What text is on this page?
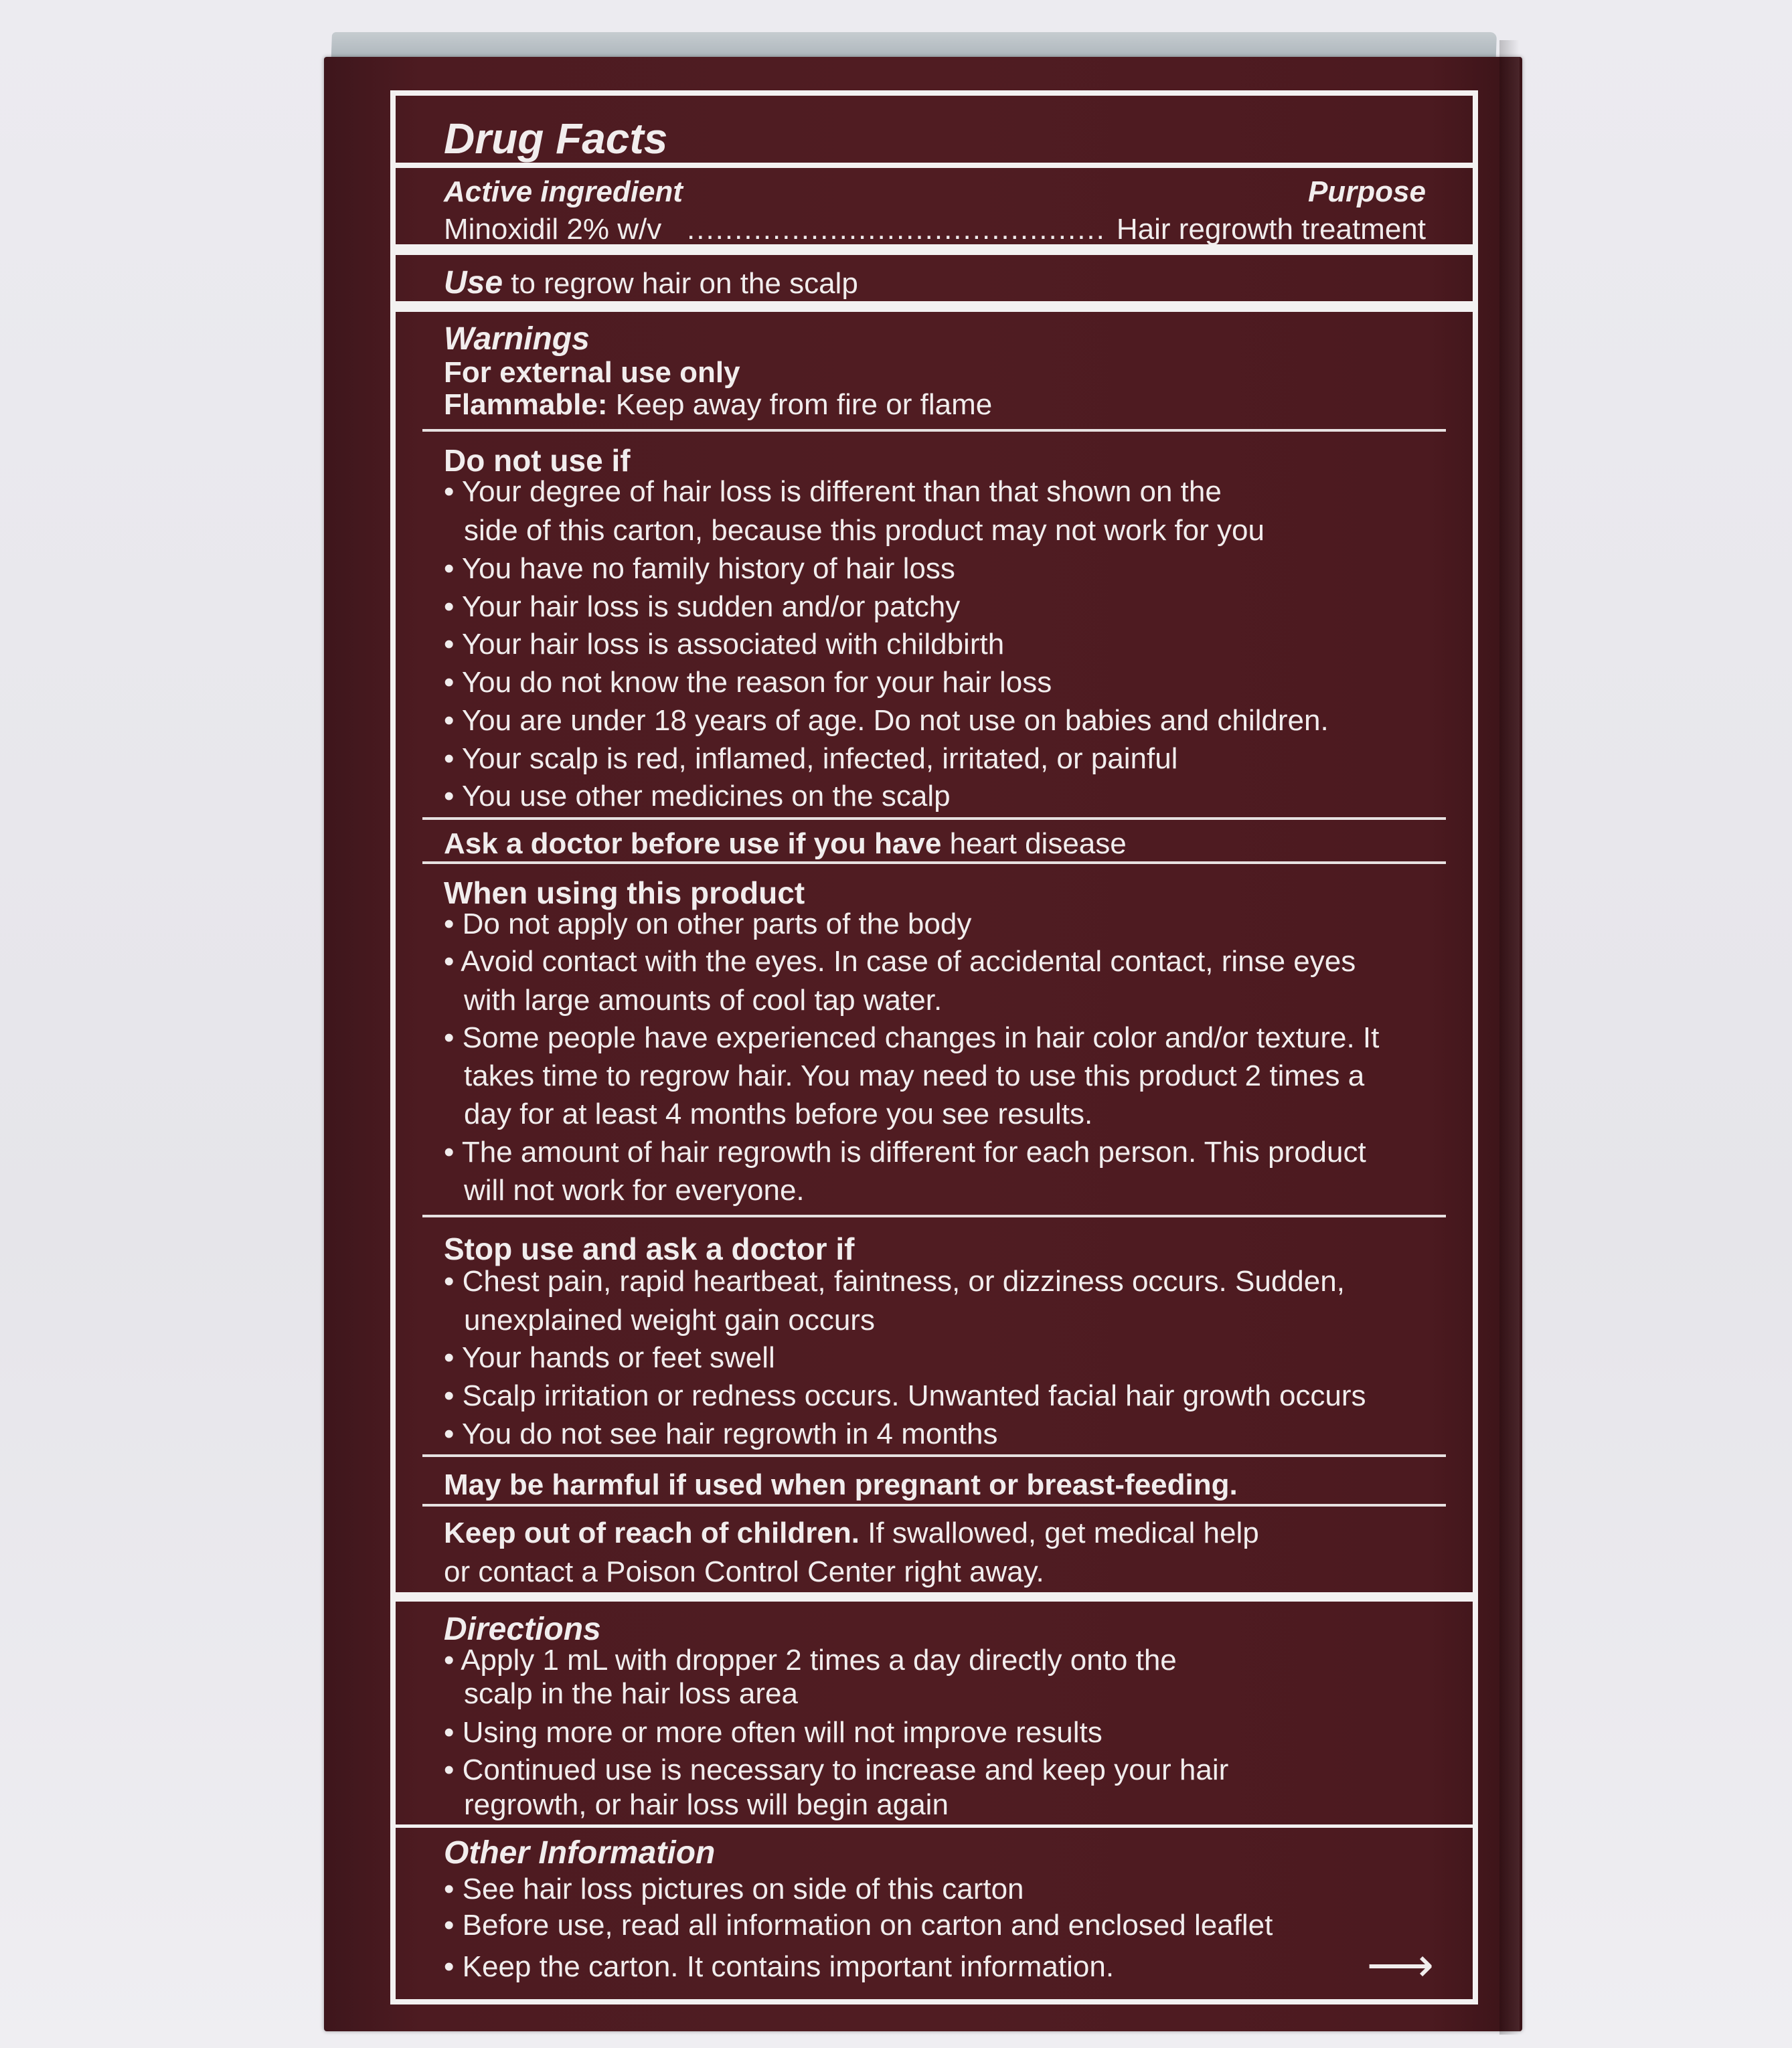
Drug Facts
Active ingredient	Purpose
Minoxidil 2% w/v ............................................ Hair regrowth treatment
Use to regrow hair on the scalp
Warnings
For external use only
Flammable: Keep away from fire or flame
Do not use if
• Your degree of hair loss is different than that shown on the
side of this carton, because this product may not work for you
• You have no family history of hair loss
• Your hair loss is sudden and/or patchy
• Your hair loss is associated with childbirth
• You do not know the reason for your hair loss
• You are under 18 years of age. Do not use on babies and children.
• Your scalp is red, inflamed, infected, irritated, or painful
• You use other medicines on the scalp
Ask a doctor before use if you have heart disease
When using this product
• Do not apply on other parts of the body
• Avoid contact with the eyes. In case of accidental contact, rinse eyes
with large amounts of cool tap water.
• Some people have experienced changes in hair color and/or texture. It
takes time to regrow hair. You may need to use this product 2 times a
day for at least 4 months before you see results.
• The amount of hair regrowth is different for each person. This product
will not work for everyone.
Stop use and ask a doctor if
• Chest pain, rapid heartbeat, faintness, or dizziness occurs. Sudden,
unexplained weight gain occurs
• Your hands or feet swell
• Scalp irritation or redness occurs. Unwanted facial hair growth occurs
• You do not see hair regrowth in 4 months
May be harmful if used when pregnant or breast-feeding.
Keep out of reach of children. If swallowed, get medical help
or contact a Poison Control Center right away.
Directions
• Apply 1 mL with dropper 2 times a day directly onto the
scalp in the hair loss area
• Using more or more often will not improve results
• Continued use is necessary to increase and keep your hair
regrowth, or hair loss will begin again
Other Information
• See hair loss pictures on side of this carton
• Before use, read all information on carton and enclosed leaflet
• Keep the carton. It contains important information.	⟶
